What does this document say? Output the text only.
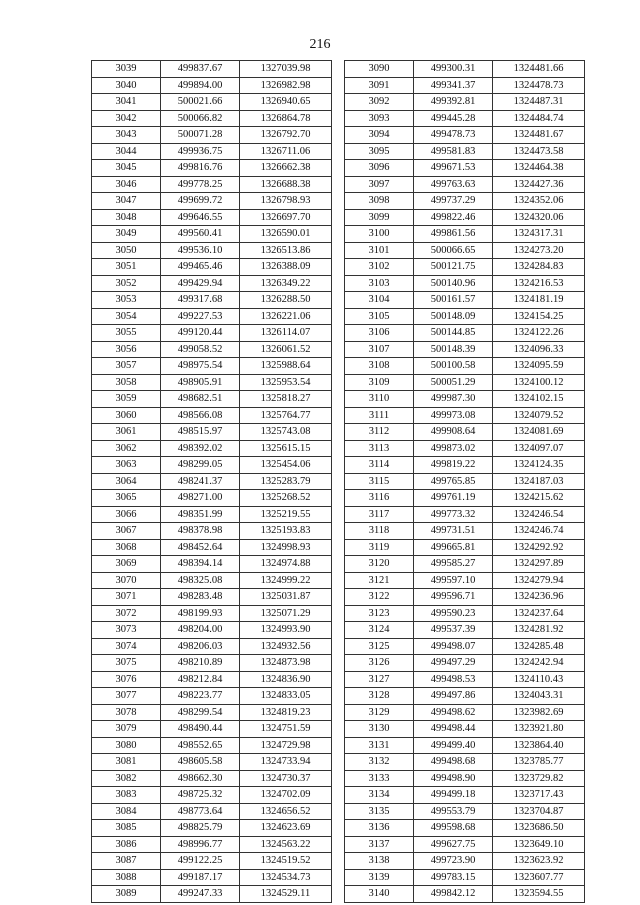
216
3039	499837.67	1327039.98
3040	499894.00	1326982.98
3041	500021.66	1326940.65
3042	500066.82	1326864.78
3043	500071.28	1326792.70
3044	499936.75	1326711.06
3045	499816.76	1326662.38
3046	499778.25	1326688.38
3047	499699.72	1326798.93
3048	499646.55	1326697.70
3049	499560.41	1326590.01
3050	499536.10	1326513.86
3051	499465.46	1326388.09
3052	499429.94	1326349.22
3053	499317.68	1326288.50
3054	499227.53	1326221.06
3055	499120.44	1326114.07
3056	499058.52	1326061.52
3057	498975.54	1325988.64
3058	498905.91	1325953.54
3059	498682.51	1325818.27
3060	498566.08	1325764.77
3061	498515.97	1325743.08
3062	498392.02	1325615.15
3063	498299.05	1325454.06
3064	498241.37	1325283.79
3065	498271.00	1325268.52
3066	498351.99	1325219.55
3067	498378.98	1325193.83
3068	498452.64	1324998.93
3069	498394.14	1324974.88
3070	498325.08	1324999.22
3071	498283.48	1325031.87
3072	498199.93	1325071.29
3073	498204.00	1324993.90
3074	498206.03	1324932.56
3075	498210.89	1324873.98
3076	498212.84	1324836.90
3077	498223.77	1324833.05
3078	498299.54	1324819.23
3079	498490.44	1324751.59
3080	498552.65	1324729.98
3081	498605.58	1324733.94
3082	498662.30	1324730.37
3083	498725.32	1324702.09
3084	498773.64	1324656.52
3085	498825.79	1324623.69
3086	498996.77	1324563.22
3087	499122.25	1324519.52
3088	499187.17	1324534.73
3089	499247.33	1324529.11
3090	499300.31	1324481.66
3091	499341.37	1324478.73
3092	499392.81	1324487.31
3093	499445.28	1324484.74
3094	499478.73	1324481.67
3095	499581.83	1324473.58
3096	499671.53	1324464.38
3097	499763.63	1324427.36
3098	499737.29	1324352.06
3099	499822.46	1324320.06
3100	499861.56	1324317.31
3101	500066.65	1324273.20
3102	500121.75	1324284.83
3103	500140.96	1324216.53
3104	500161.57	1324181.19
3105	500148.09	1324154.25
3106	500144.85	1324122.26
3107	500148.39	1324096.33
3108	500100.58	1324095.59
3109	500051.29	1324100.12
3110	499987.30	1324102.15
3111	499973.08	1324079.52
3112	499908.64	1324081.69
3113	499873.02	1324097.07
3114	499819.22	1324124.35
3115	499765.85	1324187.03
3116	499761.19	1324215.62
3117	499773.32	1324246.54
3118	499731.51	1324246.74
3119	499665.81	1324292.92
3120	499585.27	1324297.89
3121	499597.10	1324279.94
3122	499596.71	1324236.96
3123	499590.23	1324237.64
3124	499537.39	1324281.92
3125	499498.07	1324285.48
3126	499497.29	1324242.94
3127	499498.53	1324110.43
3128	499497.86	1324043.31
3129	499498.62	1323982.69
3130	499498.44	1323921.80
3131	499499.40	1323864.40
3132	499498.68	1323785.77
3133	499498.90	1323729.82
3134	499499.18	1323717.43
3135	499553.79	1323704.87
3136	499598.68	1323686.50
3137	499627.75	1323649.10
3138	499723.90	1323623.92
3139	499783.15	1323607.77
3140	499842.12	1323594.55
